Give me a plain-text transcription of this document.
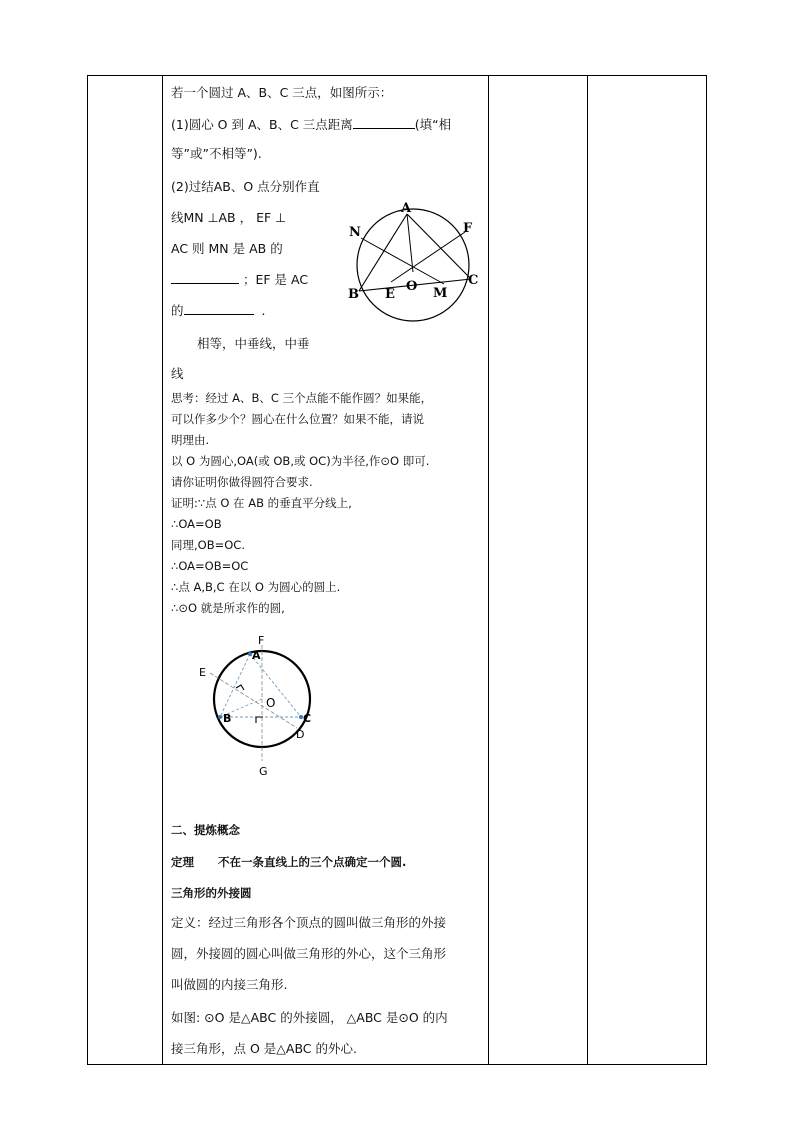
若一个圆过 A、B、C 三点，如图所示：
(1)圆心 O 到 A、B、C 三点距离	(填“相
等”或”不相等”).
(2)过结AB、O 点分别作直
线MN ⊥AB ， EF ⊥
AC 则 MN 是 AB 的
；EF 是 AC
的	.
相等，中垂线，中垂
线
A
B
C
N	F
E
O M
思考：经过 A、B、C 三个点能不能作圆？如果能，
可以作多少个？圆心在什么位置？如果不能，请说
明理由.
以 O 为圆心,OA(或 OB,或 OC)为半径,作⊙O 即可.
请你证明你做得圆符合要求.
证明:∵点 O 在 AB 的垂直平分线上,
∴OA=OB
同理,OB=OC.
∴OA=OB=OC
∴点 A,B,C 在以 O 为圆心的圆上.
∴⊙O 就是所求作的圆,
F
A
E
O
B	C
D
G
二、提炼概念
定理 不在一条直线上的三个点确定一个圆.
三角形的外接圆
定义：经过三角形各个顶点的圆叫做三角形的外接
圆，外接圆的圆心叫做三角形的外心，这个三角形
叫做圆的内接三角形.
如图: ⊙O 是△ABC 的外接圆， △ABC 是⊙O 的内
接三角形，点 O 是△ABC 的外心.
